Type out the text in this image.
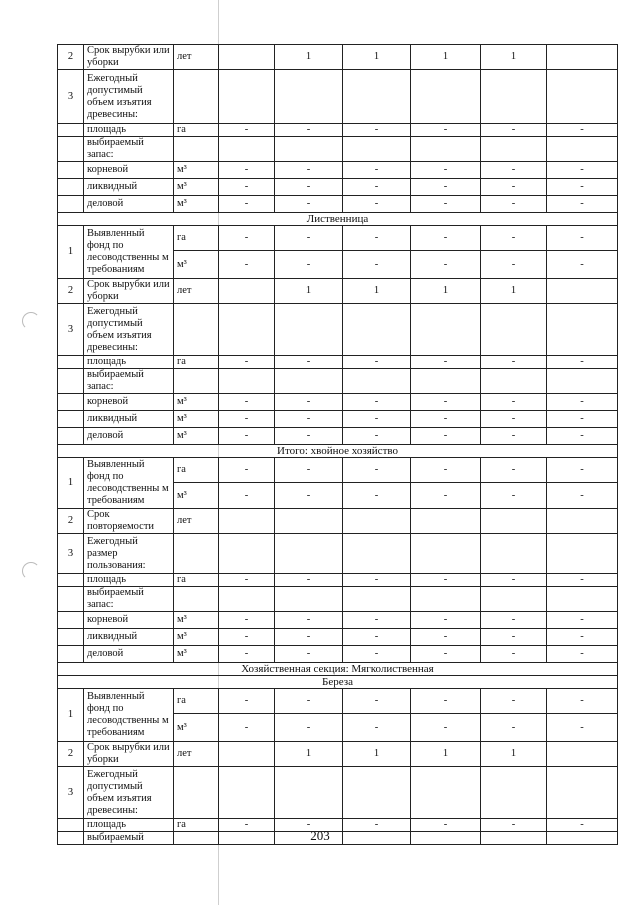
2	Срок вырубки или уборки	лет		1	1	1	1	
3	Ежегодный допустимый объем изъятия древесины:							
	площадь	га	-	-	-	-	-	-
	выбираемый запас:							
	корневой	м³	-	-	-	-	-	-
	ликвидный	м³	-	-	-	-	-	-
	деловой	м³	-	-	-	-	-	-
Лиственница								
1	Выявленный фонд по лесоводственны м требованиям	га	-	-	-	-	-	-
		м³	-	-	-	-	-	-
2	Срок вырубки или уборки	лет		1	1	1	1	
3	Ежегодный допустимый объем изъятия древесины:							
	площадь	га	-	-	-	-	-	-
	выбираемый запас:							
	корневой	м³	-	-	-	-	-	-
	ликвидный	м³	-	-	-	-	-	-
	деловой	м³	-	-	-	-	-	-
Итого: хвойное хозяйство								
1	Выявленный фонд по лесоводственны м требованиям	га	-	-	-	-	-	-
		м³	-	-	-	-	-	-
2	Срок повторяемости	лет						
3	Ежегодный размер пользования:							
	площадь	га	-	-	-	-	-	-
	выбираемый запас:							
	корневой	м³	-	-	-	-	-	-
	ликвидный	м³	-	-	-	-	-	-
	деловой	м³	-	-	-	-	-	-
Хозяйственная секция: Мягколиственная								
Береза								
1	Выявленный фонд по лесоводственны м требованиям	га	-	-	-	-	-	-
		м³	-	-	-	-	-	-
2	Срок вырубки или уборки	лет		1	1	1	1	
3	Ежегодный допустимый объем изъятия древесины:							
	площадь	га	-	-	-	-	-	-
	выбираемый								203
